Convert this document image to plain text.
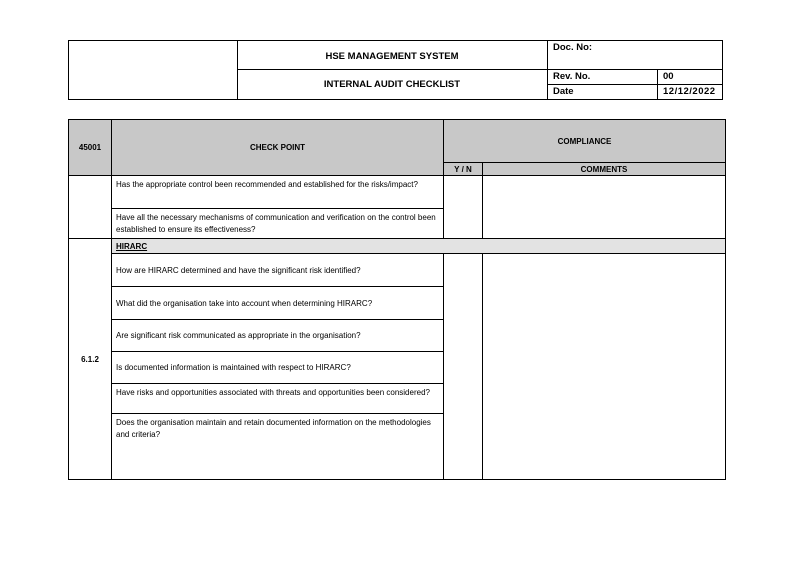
HSE MANAGEMENT SYSTEM
INTERNAL AUDIT CHECKLIST
Doc. No:
Rev. No.	00
Date	12/12/2022
45001	CHECK POINT
COMPLIANCE
Y / N	COMMENTS
Has the appropriate control been recommended and established for the risks/impact?
Have all the necessary mechanisms of communication and verification on the control been established to ensure its effectiveness?
6.1.2
HIRARC
How are HIRARC determined and have the significant risk identified?
What did the organisation take into account when determining HIRARC?
Are significant risk communicated as appropriate in the organisation?
Is documented information is maintained with respect to HIRARC?
Have risks and opportunities associated with threats and opportunities been considered?
Does the organisation maintain and retain documented information on the methodologies and criteria?
